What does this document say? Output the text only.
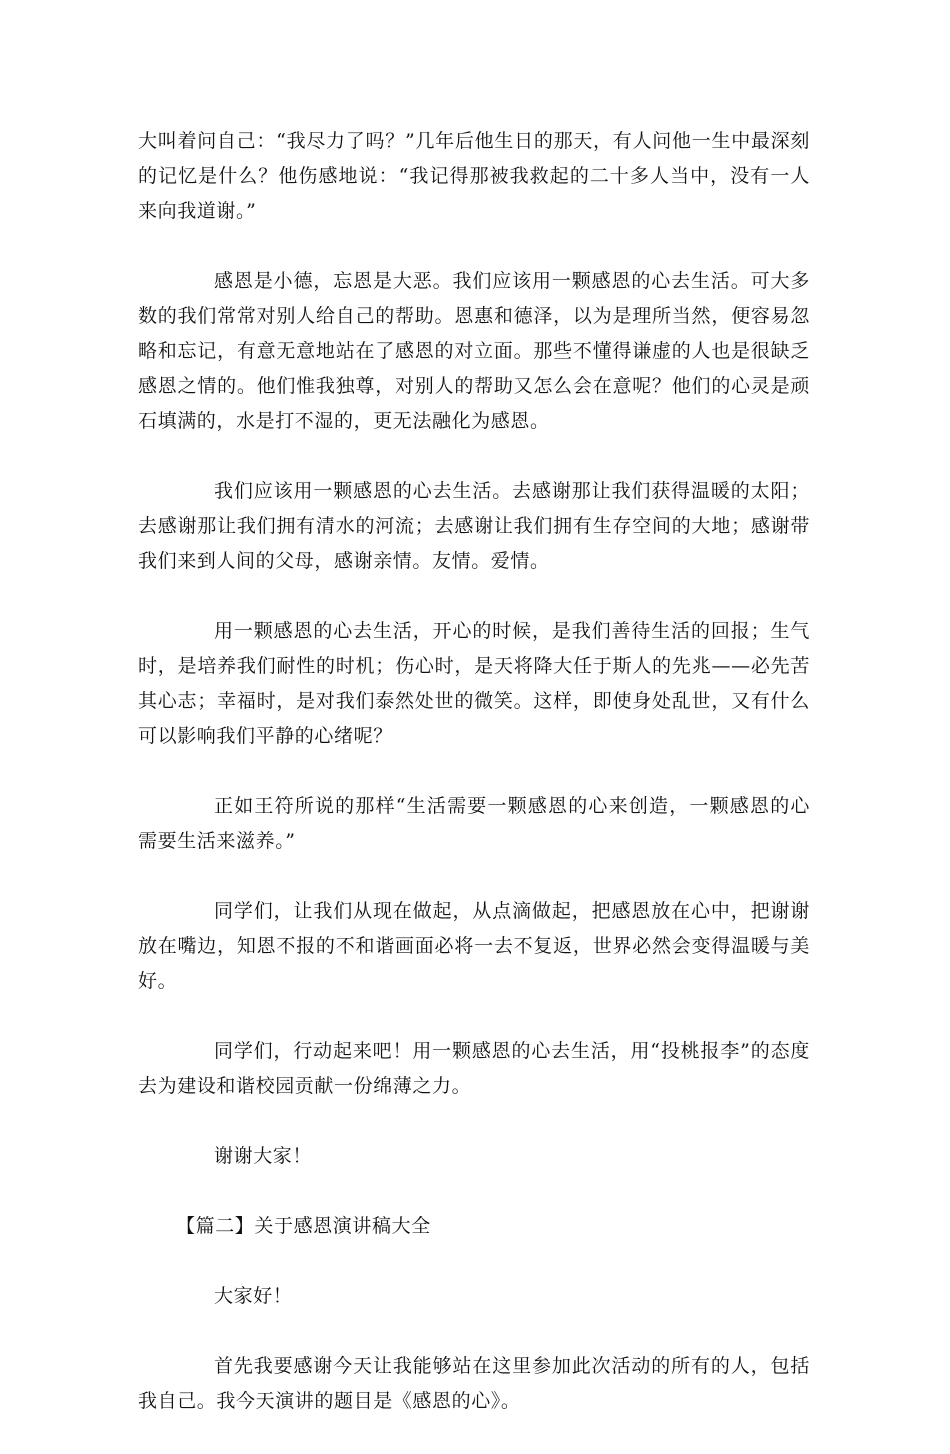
大叫着问自己：“我尽力了吗？”几年后他生日的那天，有人问他一生中最深刻的记忆是什么？他伤感地说：“我记得那被我救起的二十多人当中，没有一人来向我道谢。”

感恩是小德，忘恩是大恶。我们应该用一颗感恩的心去生活。可大多数的我们常常对别人给自己的帮助。恩惠和德泽，以为是理所当然，便容易忽略和忘记，有意无意地站在了感恩的对立面。那些不懂得谦虚的人也是很缺乏感恩之情的。他们惟我独尊，对别人的帮助又怎么会在意呢？他们的心灵是顽石填满的，水是打不湿的，更无法融化为感恩。

我们应该用一颗感恩的心去生活。去感谢那让我们获得温暖的太阳；去感谢那让我们拥有清水的河流；去感谢让我们拥有生存空间的大地；感谢带我们来到人间的父母，感谢亲情。友情。爱情。

用一颗感恩的心去生活，开心的时候，是我们善待生活的回报；生气时，是培养我们耐性的时机；伤心时，是天将降大任于斯人的先兆——必先苦其心志；幸福时，是对我们泰然处世的微笑。这样，即使身处乱世，又有什么可以影响我们平静的心绪呢？

正如王符所说的那样“生活需要一颗感恩的心来创造，一颗感恩的心需要生活来滋养。”

同学们，让我们从现在做起，从点滴做起，把感恩放在心中，把谢谢放在嘴边，知恩不报的不和谐画面必将一去不复返，世界必然会变得温暖与美好。

同学们，行动起来吧！用一颗感恩的心去生活，用“投桃报李”的态度去为建设和谐校园贡献一份绵薄之力。

谢谢大家！

【篇二】关于感恩演讲稿大全

大家好！

首先我要感谢今天让我能够站在这里参加此次活动的所有的人，包括我自己。我今天演讲的题目是《感恩的心》。
